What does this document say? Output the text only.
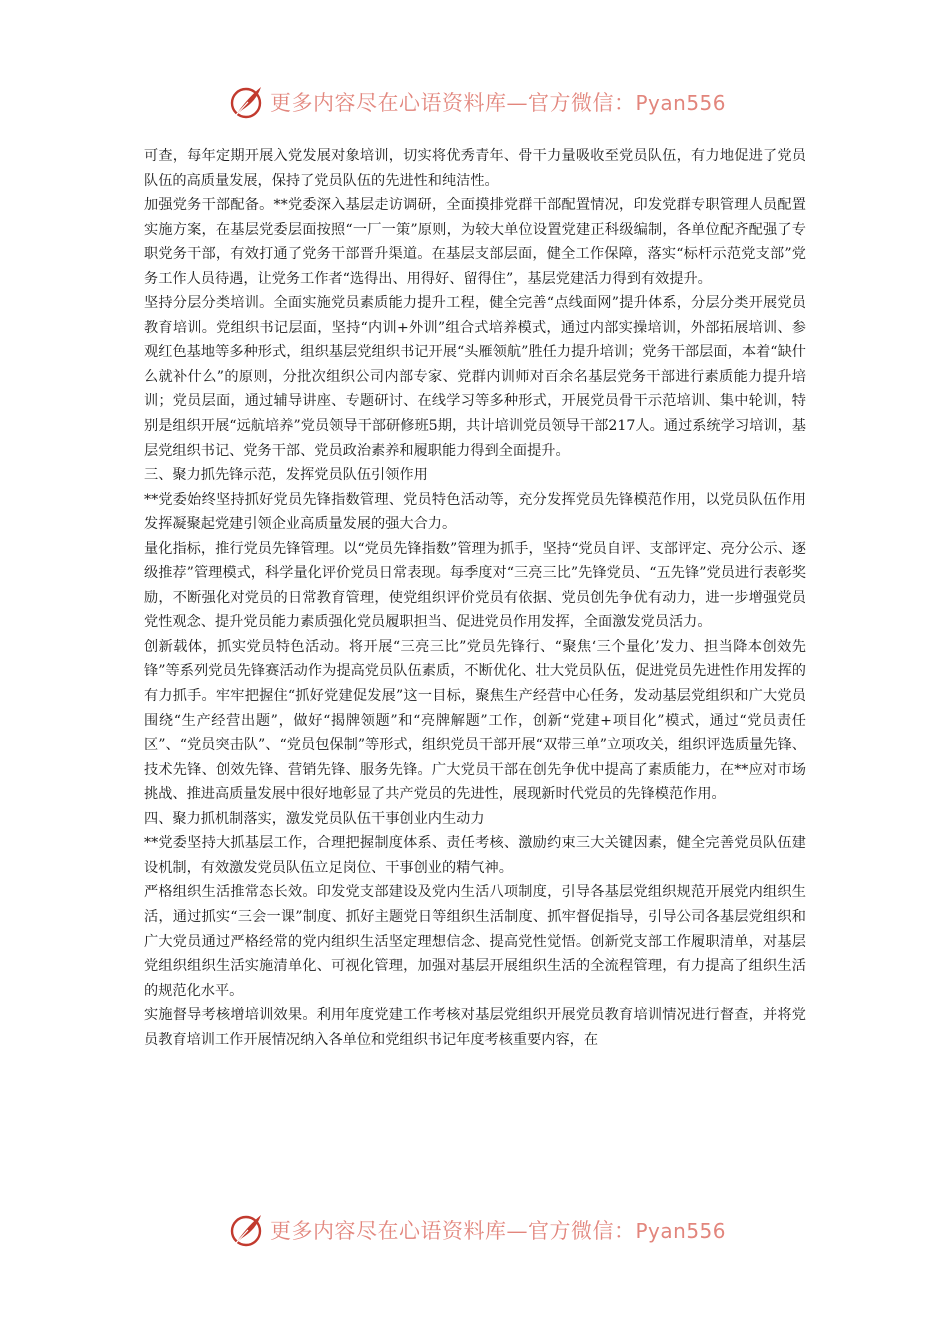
更多内容尽在心语资料库—官方微信：Pyan556

可查，每年定期开展入党发展对象培训，切实将优秀青年、骨干力量吸收至党员队伍，有力地促进了党员队伍的高质量发展，保持了党员队伍的先进性和纯洁性。

加强党务干部配备。**党委深入基层走访调研，全面摸排党群干部配置情况，印发党群专职管理人员配置实施方案，在基层党委层面按照“一厂一策”原则，为较大单位设置党建正科级编制，各单位配齐配强了专职党务干部，有效打通了党务干部晋升渠道。在基层支部层面，健全工作保障，落实“标杆示范党支部”党务工作人员待遇，让党务工作者“选得出、用得好、留得住”，基层党建活力得到有效提升。

坚持分层分类培训。全面实施党员素质能力提升工程，健全完善“点线面网”提升体系，分层分类开展党员教育培训。党组织书记层面，坚持“内训+外训”组合式培养模式，通过内部实操培训，外部拓展培训、参观红色基地等多种形式，组织基层党组织书记开展“头雁领航”胜任力提升培训；党务干部层面，本着“缺什么就补什么”的原则，分批次组织公司内部专家、党群内训师对百余名基层党务干部进行素质能力提升培训；党员层面，通过辅导讲座、专题研讨、在线学习等多种形式，开展党员骨干示范培训、集中轮训，特别是组织开展“远航培养”党员领导干部研修班5期，共计培训党员领导干部217人。通过系统学习培训，基层党组织书记、党务干部、党员政治素养和履职能力得到全面提升。

三、聚力抓先锋示范，发挥党员队伍引领作用

**党委始终坚持抓好党员先锋指数管理、党员特色活动等，充分发挥党员先锋模范作用，以党员队伍作用发挥凝聚起党建引领企业高质量发展的强大合力。

量化指标，推行党员先锋管理。以“党员先锋指数”管理为抓手，坚持“党员自评、支部评定、亮分公示、逐级推荐”管理模式，科学量化评价党员日常表现。每季度对“三亮三比”先锋党员、“五先锋”党员进行表彰奖励，不断强化对党员的日常教育管理，使党组织评价党员有依据、党员创先争优有动力，进一步增强党员党性观念、提升党员能力素质强化党员履职担当、促进党员作用发挥，全面激发党员活力。

创新载体，抓实党员特色活动。将开展“三亮三比”党员先锋行、“聚焦‘三个量化’发力、担当降本创效先锋”等系列党员先锋赛活动作为提高党员队伍素质，不断优化、壮大党员队伍，促进党员先进性作用发挥的有力抓手。牢牢把握住“抓好党建促发展”这一目标，聚焦生产经营中心任务，发动基层党组织和广大党员围绕“生产经营出题”，做好“揭牌领题”和“亮牌解题”工作，创新“党建+项目化”模式，通过“党员责任区”、“党员突击队”、“党员包保制”等形式，组织党员干部开展“双带三单”立项攻关，组织评选质量先锋、技术先锋、创效先锋、营销先锋、服务先锋。广大党员干部在创先争优中提高了素质能力，在**应对市场挑战、推进高质量发展中很好地彰显了共产党员的先进性，展现新时代党员的先锋模范作用。

四、聚力抓机制落实，激发党员队伍干事创业内生动力

**党委坚持大抓基层工作，合理把握制度体系、责任考核、激励约束三大关键因素，健全完善党员队伍建设机制，有效激发党员队伍立足岗位、干事创业的精气神。

严格组织生活推常态长效。印发党支部建设及党内生活八项制度，引导各基层党组织规范开展党内组织生活，通过抓实“三会一课”制度、抓好主题党日等组织生活制度、抓牢督促指导，引导公司各基层党组织和广大党员通过严格经常的党内组织生活坚定理想信念、提高党性觉悟。创新党支部工作履职清单，对基层党组织组织生活实施清单化、可视化管理，加强对基层开展组织生活的全流程管理，有力提高了组织生活的规范化水平。

实施督导考核增培训效果。利用年度党建工作考核对基层党组织开展党员教育培训情况进行督查，并将党员教育培训工作开展情况纳入各单位和党组织书记年度考核重要内容，在

更多内容尽在心语资料库—官方微信：Pyan556
